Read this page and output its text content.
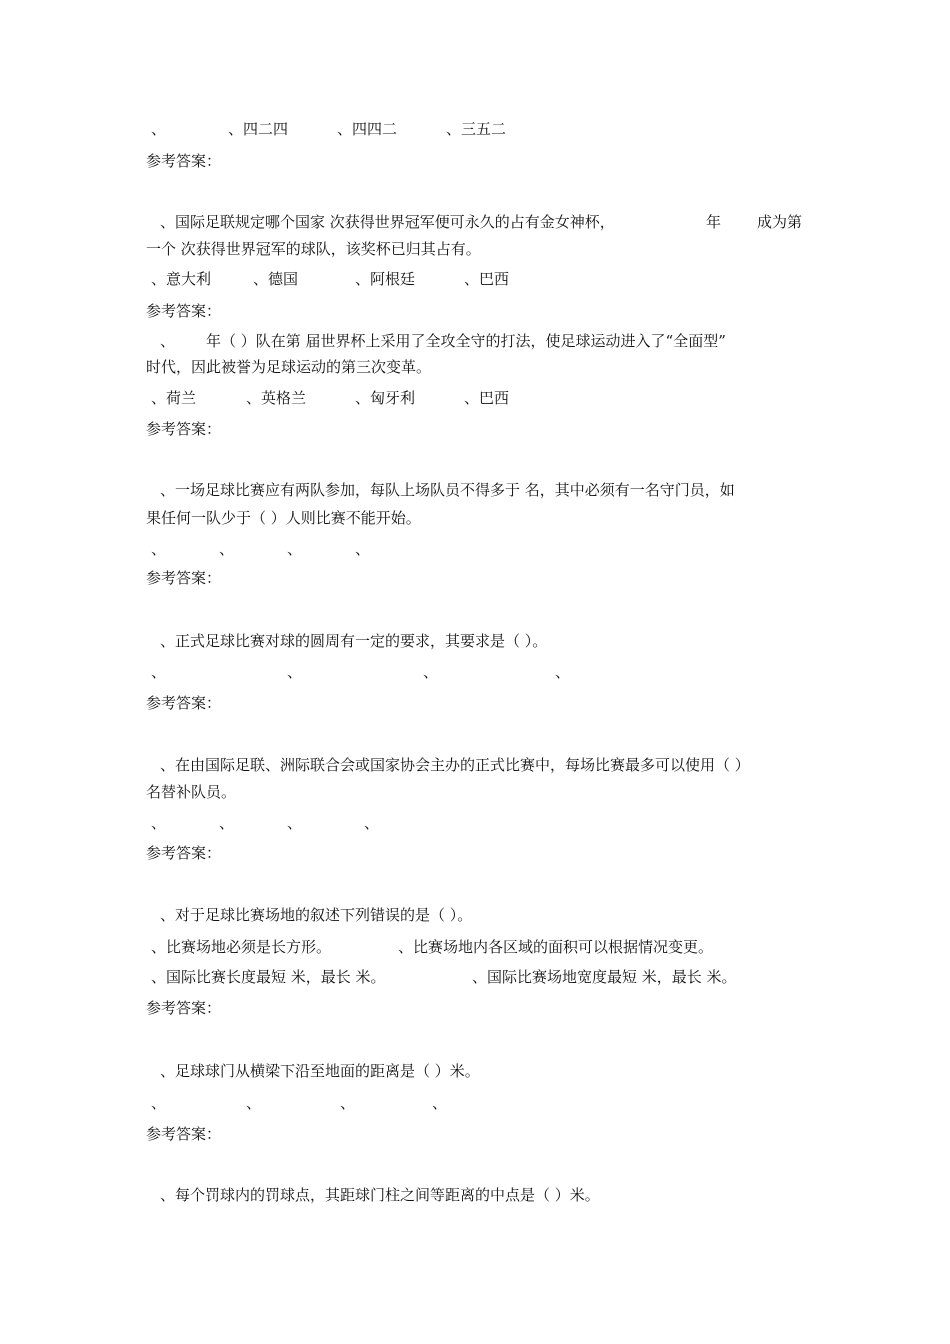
、	、四二四	、四四二	、三五二
参考答案：
、国际足联规定哪个国家 次获得世界冠军便可永久的占有金女神杯，	年 成为第
一个 次获得世界冠军的球队，该奖杯已归其占有。
、意大利	、德国	、阿根廷	、巴西
参考答案：
、 年（ ）队在第 届世界杯上采用了全攻全守的打法，使足球运动进入了“全面型”
时代，因此被誉为足球运动的第三次变革。
、荷兰	、英格兰	、匈牙利	、巴西
参考答案：
、一场足球比赛应有两队参加，每队上场队员不得多于 名，其中必须有一名守门员，如
果任何一队少于（ ）人则比赛不能开始。
、	、	、	、
参考答案：
、正式足球比赛对球的圆周有一定的要求，其要求是（ ）。
、	、	、	、
参考答案：
、在由国际足联、洲际联合会或国家协会主办的正式比赛中，每场比赛最多可以使用（ ）
名替补队员。
、	、	、	、
参考答案：
、对于足球比赛场地的叙述下列错误的是（ ）。
、比赛场地必须是长方形。	、比赛场地内各区域的面积可以根据情况变更。
、国际比赛长度最短 米，最长 米。	、国际比赛场地宽度最短 米，最长 米。
参考答案：
、足球球门从横梁下沿至地面的距离是（ ）米。
、	、	、	、
参考答案：
、每个罚球内的罚球点，其距球门柱之间等距离的中点是（ ）米。
